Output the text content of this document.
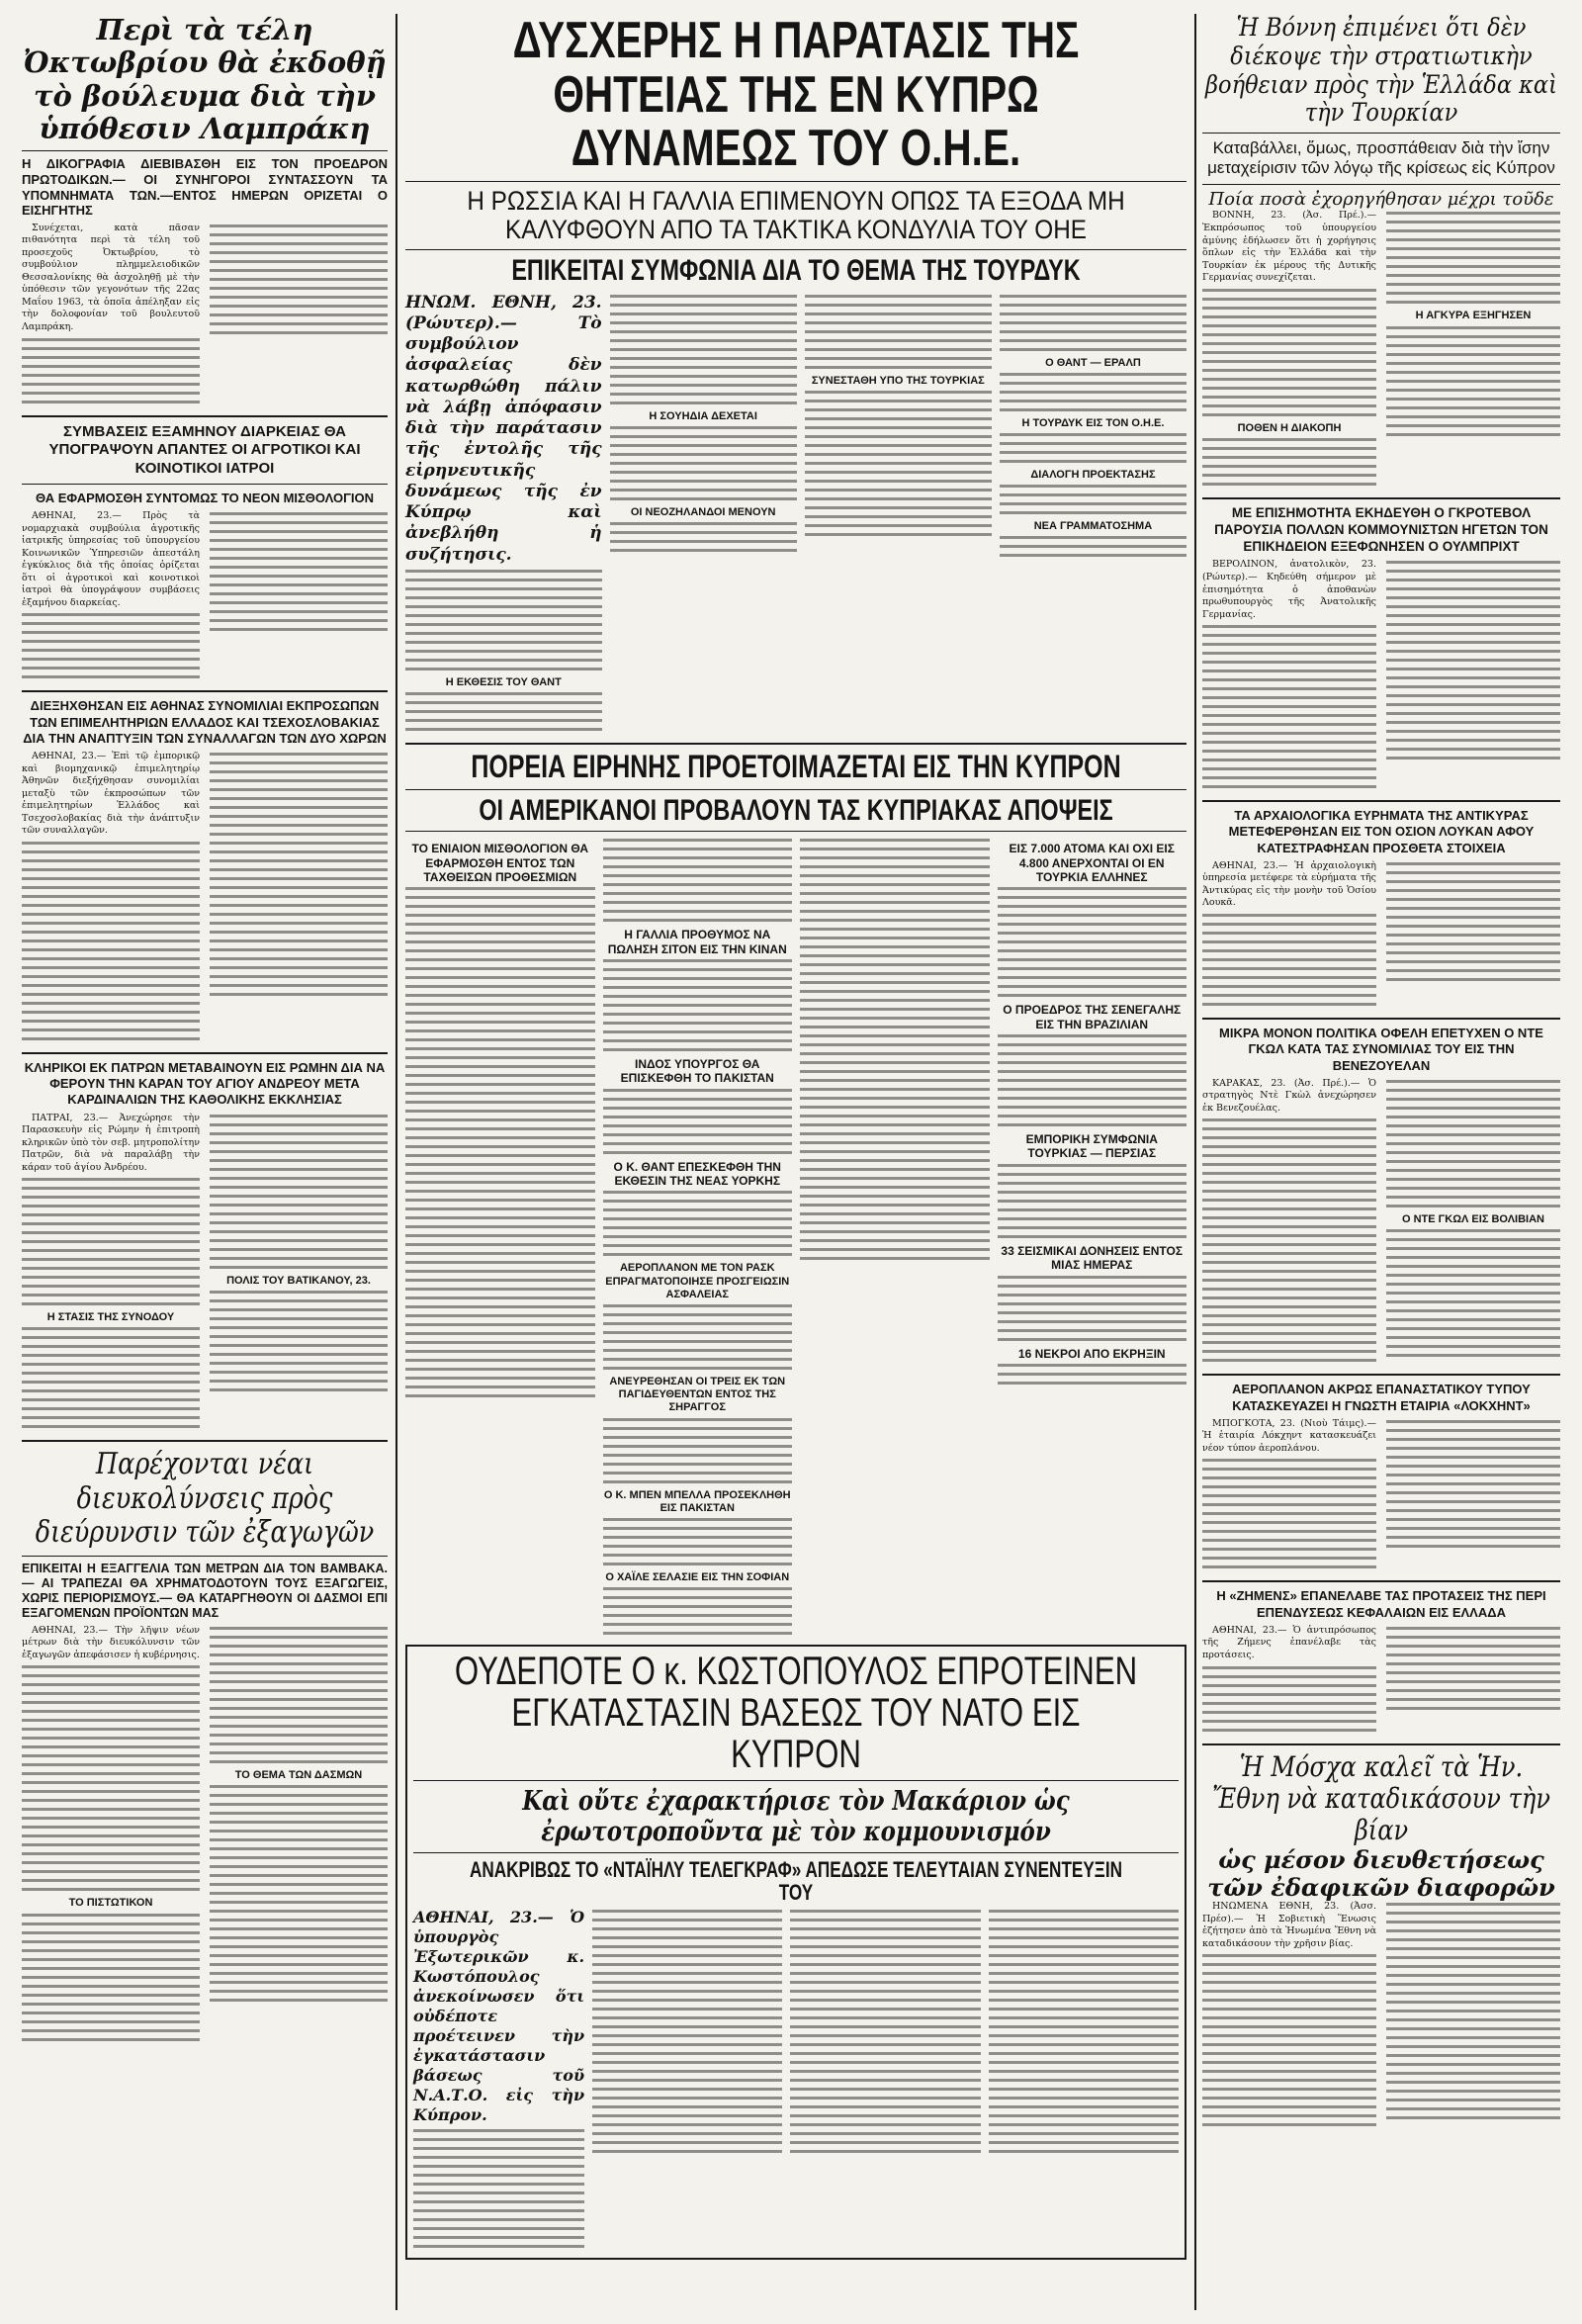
Περὶ τὰ τέλη Ὀκτωβρίου θὰ ἐκδοθῇ τὸ βούλευμα διὰ τὴν ὑπόθεσιν Λαμπράκη

Η ΔΙΚΟΓΡΑΦΙΑ ΔΙΕΒΙΒΑΣΘΗ ΕΙΣ ΤΟΝ ΠΡΟΕΔΡΟΝ ΠΡΩΤΟΔΙΚΩΝ.— ΟΙ ΣΥΝΗΓΟΡΟΙ ΣΥΝΤΑΣΣΟΥΝ ΤΑ ΥΠΟΜΝΗΜΑΤΑ ΤΩΝ.—ΕΝΤΟΣ ΗΜΕΡΩΝ ΟΡΙΖΕΤΑΙ Ο ΕΙΣΗΓΗΤΗΣ

Συνέχεται, κατὰ πᾶσαν πιθανότητα περὶ τὰ τέλη τοῦ προσεχοῦς Ὀκτωβρίου, τὸ συμβούλιον πλημμελειοδικῶν Θεσσαλονίκης θὰ ἀσχοληθῇ μὲ τὴν ὑπόθεσιν τῶν γεγονότων τῆς 22ας Μαΐου 1963, τὰ ὁποῖα ἀπέληξαν εἰς τὴν δολοφονίαν τοῦ βουλευτοῦ Λαμπράκη.

ΣΥΜΒΑΣΕΙΣ ΕΞΑΜΗΝΟΥ ΔΙΑΡΚΕΙΑΣ ΘΑ ΥΠΟΓΡΑΨΟΥΝ ΑΠΑΝΤΕΣ ΟΙ ΑΓΡΟΤΙΚΟΙ ΚΑΙ ΚΟΙΝΟΤΙΚΟΙ ΙΑΤΡΟΙ

ΘΑ ΕΦΑΡΜΟΣΘΗ ΣΥΝΤΟΜΩΣ ΤΟ ΝΕΟΝ ΜΙΣΘΟΛΟΓΙΟΝ

ΑΘΗΝΑΙ, 23.— Πρὸς τὰ νομαρχιακὰ συμβούλια ἀγροτικῆς ἰατρικῆς ὑπηρεσίας τοῦ ὑπουργείου Κοινωνικῶν Ὑπηρεσιῶν ἀπεστάλη ἐγκύκλιος διὰ τῆς ὁποίας ὁρίζεται ὅτι οἱ ἀγροτικοὶ καὶ κοινοτικοὶ ἰατροὶ θὰ ὑπογράψουν συμβάσεις ἑξαμήνου διαρκείας.

ΔΙΕΞΗΧΘΗΣΑΝ ΕΙΣ ΑΘΗΝΑΣ ΣΥΝΟΜΙΛΙΑΙ ΕΚΠΡΟΣΩΠΩΝ ΤΩΝ ΕΠΙΜΕΛΗΤΗΡΙΩΝ ΕΛΛΑΔΟΣ ΚΑΙ ΤΣΕΧΟΣΛΟΒΑΚΙΑΣ ΔΙΑ ΤΗΝ ΑΝΑΠΤΥΞΙΝ ΤΩΝ ΣΥΝΑΛΛΑΓΩΝ ΤΩΝ ΔΥΟ ΧΩΡΩΝ

ΑΘΗΝΑΙ, 23.— Ἐπὶ τῷ ἐμπορικῷ καὶ βιομηχανικῷ ἐπιμελητηρίῳ Ἀθηνῶν διεξήχθησαν συνομιλίαι μεταξὺ τῶν ἐκπροσώπων τῶν ἐπιμελητηρίων Ἑλλάδος καὶ Τσεχοσλοβακίας διὰ τὴν ἀνάπτυξιν τῶν συναλλαγῶν.

ΚΛΗΡΙΚΟΙ ΕΚ ΠΑΤΡΩΝ ΜΕΤΑΒΑΙΝΟΥΝ ΕΙΣ ΡΩΜΗΝ ΔΙΑ ΝΑ ΦΕΡΟΥΝ ΤΗΝ ΚΑΡΑΝ ΤΟΥ ΑΓΙΟΥ ΑΝΔΡΕΟΥ ΜΕΤΑ ΚΑΡΔΙΝΑΛΙΩΝ ΤΗΣ ΚΑΘΟΛΙΚΗΣ ΕΚΚΛΗΣΙΑΣ

ΠΑΤΡΑΙ, 23.— Ἀνεχώρησε τὴν Παρασκευὴν εἰς Ρώμην ἡ ἐπιτροπὴ κληρικῶν ὑπὸ τὸν σεβ. μητροπολίτην Πατρῶν, διὰ νὰ παραλάβῃ τὴν κάραν τοῦ ἁγίου Ἀνδρέου.

Η ΣΤΑΣΙΣ ΤΗΣ ΣΥΝΟΔΟΥ

ΠΟΛΙΣ ΤΟΥ ΒΑΤΙΚΑΝΟΥ, 23.

Παρέχονται νέαι διευκολύνσεις πρὸς διεύρυνσιν τῶν ἐξαγωγῶν

ΕΠΙΚΕΙΤΑΙ Η ΕΞΑΓΓΕΛΙΑ ΤΩΝ ΜΕΤΡΩΝ ΔΙΑ ΤΟΝ ΒΑΜΒΑΚΑ.— ΑΙ ΤΡΑΠΕΖΑΙ ΘΑ ΧΡΗΜΑΤΟΔΟΤΟΥΝ ΤΟΥΣ ΕΞΑΓΩΓΕΙΣ, ΧΩΡΙΣ ΠΕΡΙΟΡΙΣΜΟΥΣ.— ΘΑ ΚΑΤΑΡΓΗΘΟΥΝ ΟΙ ΔΑΣΜΟΙ ΕΠΙ ΕΞΑΓΟΜΕΝΩΝ ΠΡΟΪΟΝΤΩΝ ΜΑΣ

ΑΘΗΝΑΙ, 23.— Τὴν λῆψιν νέων μέτρων διὰ τὴν διευκόλυνσιν τῶν ἐξαγωγῶν ἀπεφάσισεν ἡ κυβέρνησις.

ΤΟ ΠΙΣΤΩΤΙΚΟΝ

ΤΟ ΘΕΜΑ ΤΩΝ ΔΑΣΜΩΝ

ΔΥΣΧΕΡΗΣ Η ΠΑΡΑΤΑΣΙΣ ΤΗΣ ΘΗΤΕΙΑΣ ΤΗΣ ΕΝ ΚΥΠΡΩ ΔΥΝΑΜΕΩΣ ΤΟΥ Ο.Η.Ε.

Η ΡΩΣΣΙΑ ΚΑΙ Η ΓΑΛΛΙΑ ΕΠΙΜΕΝΟΥΝ ΟΠΩΣ ΤΑ ΕΞΟΔΑ ΜΗ ΚΑΛΥΦΘΟΥΝ ΑΠΟ ΤΑ ΤΑΚΤΙΚΑ ΚΟΝΔΥΛΙΑ ΤΟΥ ΟΗΕ

ΕΠΙΚΕΙΤΑΙ ΣΥΜΦΩΝΙΑ ΔΙΑ ΤΟ ΘΕΜΑ ΤΗΣ ΤΟΥΡΔΥΚ

ΗΝΩΜ. ΕΘΝΗ, 23. (Ρώυτερ).— Τὸ συμβούλιον ἀσφαλείας δὲν κατωρθώθη πάλιν νὰ λάβῃ ἀπόφασιν διὰ τὴν παράτασιν τῆς ἐντολῆς τῆς εἰρηνευτικῆς δυνάμεως τῆς ἐν Κύπρῳ καὶ ἀνεβλήθη ἡ συζήτησις.

Η ΕΚΘΕΣΙΣ ΤΟΥ ΘΑΝΤ

Η ΣΟΥΗΔΙΑ ΔΕΧΕΤΑΙ

ΟΙ ΝΕΟΖΗΛΑΝΔΟΙ ΜΕΝΟΥΝ

ΣΥΝΕΣΤΑΘΗ ΥΠΟ ΤΗΣ ΤΟΥΡΚΙΑΣ

Ο ΘΑΝΤ — ΕΡΑΛΠ

Η ΤΟΥΡΔΥΚ ΕΙΣ ΤΟΝ Ο.Η.Ε.

ΔΙΑΛΟΓΗ ΠΡΟΕΚΤΑΣΗΣ

ΝΕΑ ΓΡΑΜΜΑΤΟΣΗΜΑ

ΠΟΡΕΙΑ ΕΙΡΗΝΗΣ ΠΡΟΕΤΟΙΜΑΖΕΤΑΙ ΕΙΣ ΤΗΝ ΚΥΠΡΟΝ
ΟΙ ΑΜΕΡΙΚΑΝΟΙ ΠΡΟΒΑΛΟΥΝ ΤΑΣ ΚΥΠΡΙΑΚΑΣ ΑΠΟΨΕΙΣ

ΤΟ ΕΝΙΑΙΟΝ ΜΙΣΘΟΛΟΓΙΟΝ ΘΑ ΕΦΑΡΜΟΣΘΗ ΕΝΤΟΣ ΤΩΝ ΤΑΧΘΕΙΣΩΝ ΠΡΟΘΕΣΜΙΩΝ

Η ΓΑΛΛΙΑ ΠΡΟΘΥΜΟΣ ΝΑ ΠΩΛΗΣΗ ΣΙΤΟΝ ΕΙΣ ΤΗΝ ΚΙΝΑΝ

ΙΝΔΟΣ ΥΠΟΥΡΓΟΣ ΘΑ ΕΠΙΣΚΕΦΘΗ ΤΟ ΠΑΚΙΣΤΑΝ

Ο Κ. ΘΑΝΤ ΕΠΕΣΚΕΦΘΗ ΤΗΝ ΕΚΘΕΣΙΝ ΤΗΣ ΝΕΑΣ ΥΟΡΚΗΣ

ΑΕΡΟΠΛΑΝΟΝ ΜΕ ΤΟΝ ΡΑΣΚ ΕΠΡΑΓΜΑΤΟΠΟΙΗΣΕ ΠΡΟΣΓΕΙΩΣΙΝ ΑΣΦΑΛΕΙΑΣ

ΑΝΕΥΡΕΘΗΣΑΝ ΟΙ ΤΡΕΙΣ ΕΚ ΤΩΝ ΠΑΓΙΔΕΥΘΕΝΤΩΝ ΕΝΤΟΣ ΤΗΣ ΣΗΡΑΓΓΟΣ

Ο Κ. ΜΠΕΝ ΜΠΕΛΛΑ ΠΡΟΣΕΚΛΗΘΗ ΕΙΣ ΠΑΚΙΣΤΑΝ

Ο ΧΑΪΛΕ ΣΕΛΑΣΙΕ ΕΙΣ ΤΗΝ ΣΟΦΙΑΝ

ΕΙΣ 7.000 ΑΤΟΜΑ ΚΑΙ ΟΧΙ ΕΙΣ 4.800 ΑΝΕΡΧΟΝΤΑΙ ΟΙ ΕΝ ΤΟΥΡΚΙΑ ΕΛΛΗΝΕΣ

Ο ΠΡΟΕΔΡΟΣ ΤΗΣ ΣΕΝΕΓΑΛΗΣ ΕΙΣ ΤΗΝ ΒΡΑΖΙΛΙΑΝ

ΕΜΠΟΡΙΚΗ ΣΥΜΦΩΝΙΑ ΤΟΥΡΚΙΑΣ — ΠΕΡΣΙΑΣ

33 ΣΕΙΣΜΙΚΑΙ ΔΟΝΗΣΕΙΣ ΕΝΤΟΣ ΜΙΑΣ ΗΜΕΡΑΣ

16 ΝΕΚΡΟΙ ΑΠΟ ΕΚΡΗΞΙΝ

ΟΥΔΕΠΟΤΕ Ο κ. ΚΩΣΤΟΠΟΥΛΟΣ ΕΠΡΟΤΕΙΝΕΝ ΕΓΚΑΤΑΣΤΑΣΙΝ ΒΑΣΕΩΣ ΤΟΥ ΝΑΤΟ ΕΙΣ ΚΥΠΡΟΝ

Καὶ οὔτε ἐχαρακτήρισε τὸν Μακάριον ὡς ἐρωτοτροποῦντα μὲ τὸν κομμουνισμόν

ΑΝΑΚΡΙΒΩΣ ΤΟ «ΝΤΑΪΗΛΥ ΤΕΛΕΓΚΡΑΦ» ΑΠΕΔΩΣΕ ΤΕΛΕΥΤΑΙΑΝ ΣΥΝΕΝΤΕΥΞΙΝ ΤΟΥ

ΑΘΗΝΑΙ, 23.— Ὁ ὑπουργὸς Ἐξωτερικῶν κ. Κωστόπουλος ἀνεκοίνωσεν ὅτι οὐδέποτε προέτεινεν τὴν ἐγκατάστασιν βάσεως τοῦ Ν.Α.Τ.Ο. εἰς τὴν Κύπρον.

Ἡ Βόννη ἐπιμένει ὅτι δὲν διέκοψε τὴν στρατιωτικὴν βοήθειαν πρὸς τὴν Ἑλλάδα καὶ τὴν Τουρκίαν

Καταβάλλει, ὅμως, προσπάθειαν διὰ τὴν ἴσην μεταχείρισιν τῶν λόγῳ τῆς κρίσεως εἰς Κύπρον

Ποία ποσὰ ἐχορηγήθησαν μέχρι τοῦδε

ΒΟΝΝΗ, 23. (Ἀσ. Πρέ.).— Ἐκπρόσωπος τοῦ ὑπουργείου ἀμύνης ἐδήλωσεν ὅτι ἡ χορήγησις ὅπλων εἰς τὴν Ἑλλάδα καὶ τὴν Τουρκίαν ἐκ μέρους τῆς Δυτικῆς Γερμανίας συνεχίζεται.

ΠΟΘΕΝ Η ΔΙΑΚΟΠΗ

Η ΑΓΚΥΡΑ ΕΞΗΓΗΣΕΝ

ΜΕ ΕΠΙΣΗΜΟΤΗΤΑ ΕΚΗΔΕΥΘΗ Ο ΓΚΡΟΤΕΒΟΛ ΠΑΡΟΥΣΙΑ ΠΟΛΛΩΝ ΚΟΜΜΟΥΝΙΣΤΩΝ ΗΓΕΤΩΝ ΤΟΝ ΕΠΙΚΗΔΕΙΟΝ ΕΞΕΦΩΝΗΣΕΝ Ο ΟΥΛΜΠΡΙΧΤ

ΒΕΡΟΛΙΝΟΝ, ἀνατολικὸν, 23. (Ρώυτερ).— Κηδεύθη σήμερον μὲ ἐπισημότητα ὁ ἀποθανὼν πρωθυπουργὸς τῆς Ἀνατολικῆς Γερμανίας.

ΤΑ ΑΡΧΑΙΟΛΟΓΙΚΑ ΕΥΡΗΜΑΤΑ ΤΗΣ ΑΝΤΙΚΥΡΑΣ ΜΕΤΕΦΕΡΘΗΣΑΝ ΕΙΣ ΤΟΝ ΟΣΙΟΝ ΛΟΥΚΑΝ ΑΦΟΥ ΚΑΤΕΣΤΡΑΦΗΣΑΝ ΠΡΟΣΘΕΤΑ ΣΤΟΙΧΕΙΑ

ΑΘΗΝΑΙ, 23.— Ἡ ἀρχαιολογικὴ ὑπηρεσία μετέφερε τὰ εὑρήματα τῆς Ἀντικύρας εἰς τὴν μονὴν τοῦ Ὁσίου Λουκᾶ.

ΜΙΚΡΑ ΜΟΝΟΝ ΠΟΛΙΤΙΚΑ ΟΦΕΛΗ ΕΠΕΤΥΧΕΝ Ο ΝΤΕ ΓΚΩΛ ΚΑΤΑ ΤΑΣ ΣΥΝΟΜΙΛΙΑΣ ΤΟΥ ΕΙΣ ΤΗΝ ΒΕΝΕΖΟΥΕΛΑΝ

ΚΑΡΑΚΑΣ, 23. (Ἀσ. Πρέ.).— Ὁ στρατηγὸς Ντὲ Γκὼλ ἀνεχώρησεν ἐκ Βενεζουέλας.

Ο ΝΤΕ ΓΚΩΛ ΕΙΣ ΒΟΛΙΒΙΑΝ

ΑΕΡΟΠΛΑΝΟΝ ΑΚΡΩΣ ΕΠΑΝΑΣΤΑΤΙΚΟΥ ΤΥΠΟΥ ΚΑΤΑΣΚΕΥΑΖΕΙ Η ΓΝΩΣΤΗ ΕΤΑΙΡΙΑ «ΛΟΚΧΗΝΤ»

ΜΠΟΓΚΟΤΑ, 23. (Νιοὺ Τάιμς).— Ἡ ἑταιρία Λόκχηντ κατασκευάζει νέον τύπον ἀεροπλάνου.

Η «ΖΗΜΕΝΣ» ΕΠΑΝΕΛΑΒΕ ΤΑΣ ΠΡΟΤΑΣΕΙΣ ΤΗΣ ΠΕΡΙ ΕΠΕΝΔΥΣΕΩΣ ΚΕΦΑΛΑΙΩΝ ΕΙΣ ΕΛΛΑΔΑ

ΑΘΗΝΑΙ, 23.— Ὁ ἀντιπρόσωπος τῆς Ζήμενς ἐπανέλαβε τὰς προτάσεις.

Ἡ Μόσχα καλεῖ τὰ Ἡν. Ἔθνη νὰ καταδικάσουν τὴν βίαν

ὡς μέσον διευθετήσεως τῶν ἐδαφικῶν διαφορῶν

ΗΝΩΜΕΝΑ ΕΘΝΗ, 23. (Ἀσσ. Πρέσ).— Ἡ Σοβιετικὴ Ἕνωσις ἐζήτησεν ἀπὸ τὰ Ἡνωμένα Ἔθνη νὰ καταδικάσουν τὴν χρῆσιν βίας.
